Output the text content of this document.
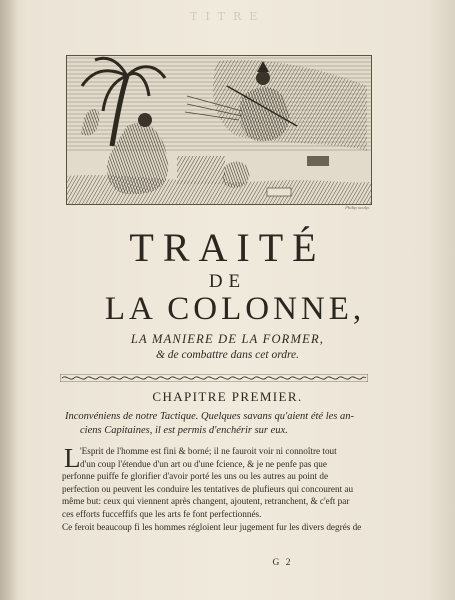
TITRE
Philip sculp.
TRAITÉ
DE
LA COLONNE,
LA MANIERE DE LA FORMER,
& de combattre dans cet ordre.
CHAPITRE PREMIER.
Inconvéniens de notre Tactique. Quelques savans qu'aient été les an-
ciens Capitaines, il est permis d'enchérir sur eux.
L 'Esprit de l'homme est fini & borné; il ne fauroit voir ni connoître tout
d'un coup l'étendue d'un art ou d'une fcience, & je ne penfe pas que
perfonne puiffe fe glorifier d'avoir porté les uns ou les autres au point de
perfection ou peuvent les conduire les tentatives de plufieurs qui concourent au
même but: ceux qui viennent après changent, ajoutent, retranchent, & c'eft par
ces efforts fucceffifs que les arts fe font perfectionnés.
Ce feroit beaucoup fi les hommes régloient leur jugement fur les divers degrés de
G 2
